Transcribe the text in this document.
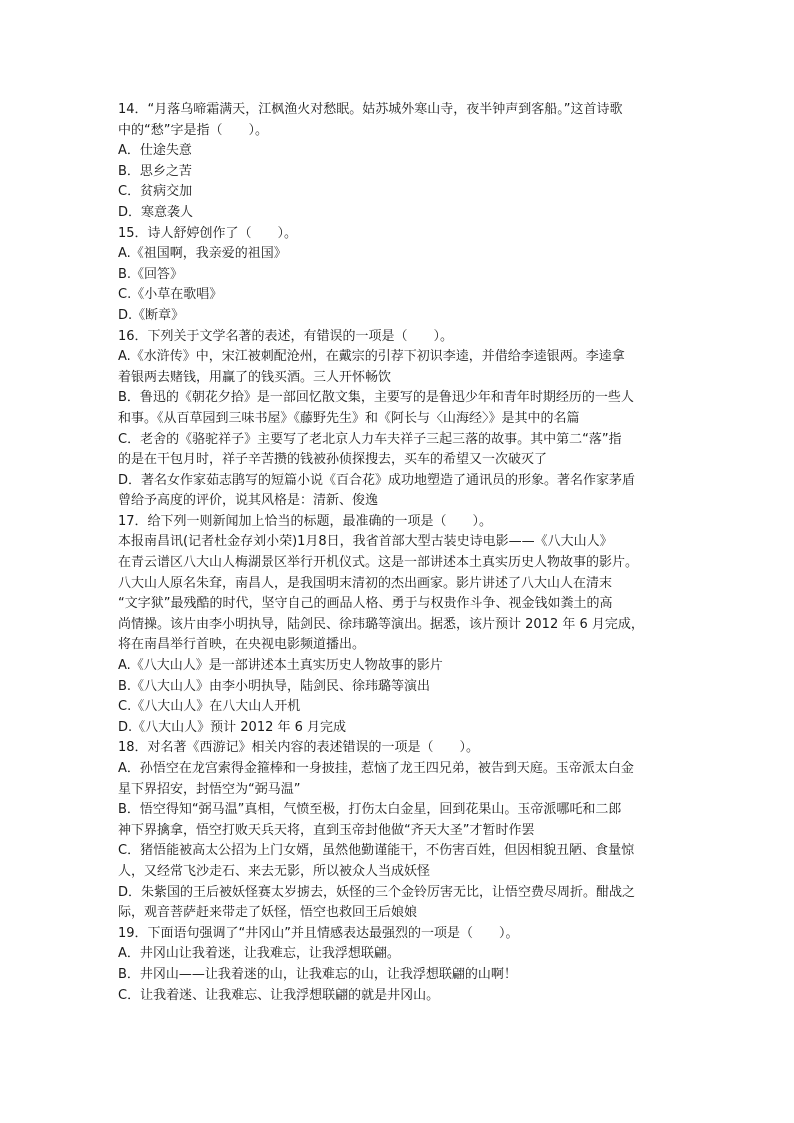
14．“月落乌啼霜满天，江枫渔火对愁眠。姑苏城外寒山寺，夜半钟声到客船。”这首诗歌
中的“愁”字是指（　　）。
A．仕途失意
B．思乡之苦
C．贫病交加
D．寒意袭人
15．诗人舒婷创作了（　　）。
A.《祖国啊，我亲爱的祖国》
B.《回答》
C.《小草在歌唱》
D.《断章》
16．下列关于文学名著的表述，有错误的一项是（　　）。
A.《水浒传》中，宋江被刺配沧州，在戴宗的引荐下初识李逵，并借给李逵银两。李逵拿
着银两去赌钱，用赢了的钱买酒。三人开怀畅饮
B．鲁迅的《朝花夕拾》是一部回忆散文集，主要写的是鲁迅少年和青年时期经历的一些人
和事。《从百草园到三味书屋》《藤野先生》和《阿长与〈山海经〉》是其中的名篇
C．老舍的《骆驼祥子》主要写了老北京人力车夫祥子三起三落的故事。其中第二“落”指
的是在干包月时，祥子辛苦攒的钱被孙侦探搜去，买车的希望又一次破灭了
D．著名女作家茹志鹃写的短篇小说《百合花》成功地塑造了通讯员的形象。著名作家茅盾
曾给予高度的评价，说其风格是：清新、俊逸
17．给下列一则新闻加上恰当的标题，最准确的一项是（　　）。
本报南昌讯(记者杜金存刘小荣)1月8日，我省首部大型古装史诗电影——《八大山人》
在青云谱区八大山人梅湖景区举行开机仪式。这是一部讲述本土真实历史人物故事的影片。
八大山人原名朱耷，南昌人，是我国明末清初的杰出画家。影片讲述了八大山人在清末
“文字狱”最残酷的时代，坚守自己的画品人格、勇于与权贵作斗争、视金钱如粪土的高
尚情操。该片由李小明执导，陆剑民、徐玮璐等演出。据悉，该片预计 2012 年 6 月完成，
将在南昌举行首映，在央视电影频道播出。
A.《八大山人》是一部讲述本土真实历史人物故事的影片
B.《八大山人》由李小明执导，陆剑民、徐玮璐等演出
C.《八大山人》在八大山人开机
D.《八大山人》预计 2012 年 6 月完成
18．对名著《西游记》相关内容的表述错误的一项是（　　）。
A．孙悟空在龙宫索得金箍棒和一身披挂，惹恼了龙王四兄弟，被告到天庭。玉帝派太白金
星下界招安，封悟空为“弼马温”
B．悟空得知“弼马温”真相，气愤至极，打伤太白金星，回到花果山。玉帝派哪吒和二郎
神下界擒拿，悟空打败天兵天将，直到玉帝封他做“齐天大圣”才暂时作罢
C．猪悟能被高太公招为上门女婿，虽然他勤谨能干，不伤害百姓，但因相貌丑陋、食量惊
人，又经常飞沙走石、来去无影，所以被众人当成妖怪
D．朱紫国的王后被妖怪赛太岁掳去，妖怪的三个金铃厉害无比，让悟空费尽周折。酣战之
际，观音菩萨赶来带走了妖怪，悟空也救回王后娘娘
19．下面语句强调了“井冈山”并且情感表达最强烈的一项是（　　）。
A．井冈山让我着迷，让我难忘，让我浮想联翩。
B．井冈山——让我着迷的山，让我难忘的山，让我浮想联翩的山啊！
C．让我着迷、让我难忘、让我浮想联翩的就是井冈山。
